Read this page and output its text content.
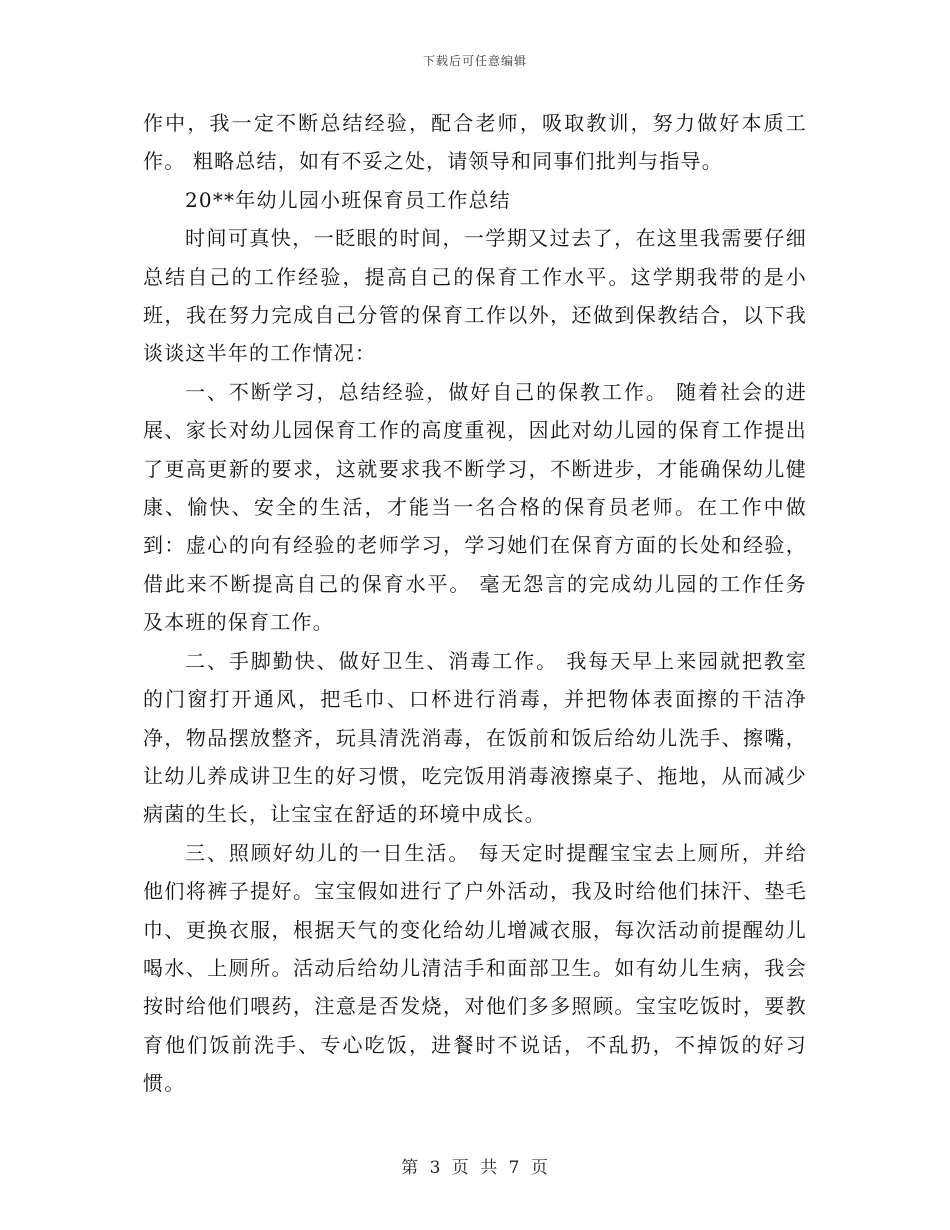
下载后可任意编辑

作中，我一定不断总结经验，配合老师，吸取教训，努力做好本质工作。 粗略总结，如有不妥之处，请领导和同事们批判与指导。

20**年幼儿园小班保育员工作总结

时间可真快，一眨眼的时间，一学期又过去了，在这里我需要仔细总结自己的工作经验，提高自己的保育工作水平。这学期我带的是小班，我在努力完成自己分管的保育工作以外，还做到保教结合，以下我谈谈这半年的工作情况：

一、不断学习，总结经验，做好自己的保教工作。 随着社会的进展、家长对幼儿园保育工作的高度重视，因此对幼儿园的保育工作提出了更高更新的要求，这就要求我不断学习，不断进步，才能确保幼儿健康、愉快、安全的生活，才能当一名合格的保育员老师。在工作中做到：虚心的向有经验的老师学习，学习她们在保育方面的长处和经验，借此来不断提高自己的保育水平。 毫无怨言的完成幼儿园的工作任务及本班的保育工作。

二、手脚勤快、做好卫生、消毒工作。 我每天早上来园就把教室的门窗打开通风，把毛巾、口杯进行消毒，并把物体表面擦的干洁净净，物品摆放整齐，玩具清洗消毒，在饭前和饭后给幼儿洗手、擦嘴，让幼儿养成讲卫生的好习惯，吃完饭用消毒液擦桌子、拖地，从而减少病菌的生长，让宝宝在舒适的环境中成长。

三、照顾好幼儿的一日生活。 每天定时提醒宝宝去上厕所，并给他们将裤子提好。宝宝假如进行了户外活动，我及时给他们抹汗、垫毛巾、更换衣服，根据天气的变化给幼儿增减衣服，每次活动前提醒幼儿喝水、上厕所。活动后给幼儿清洁手和面部卫生。如有幼儿生病，我会按时给他们喂药，注意是否发烧，对他们多多照顾。宝宝吃饭时，要教育他们饭前洗手、专心吃饭，进餐时不说话，不乱扔，不掉饭的好习惯。

第 3 页 共 7 页
